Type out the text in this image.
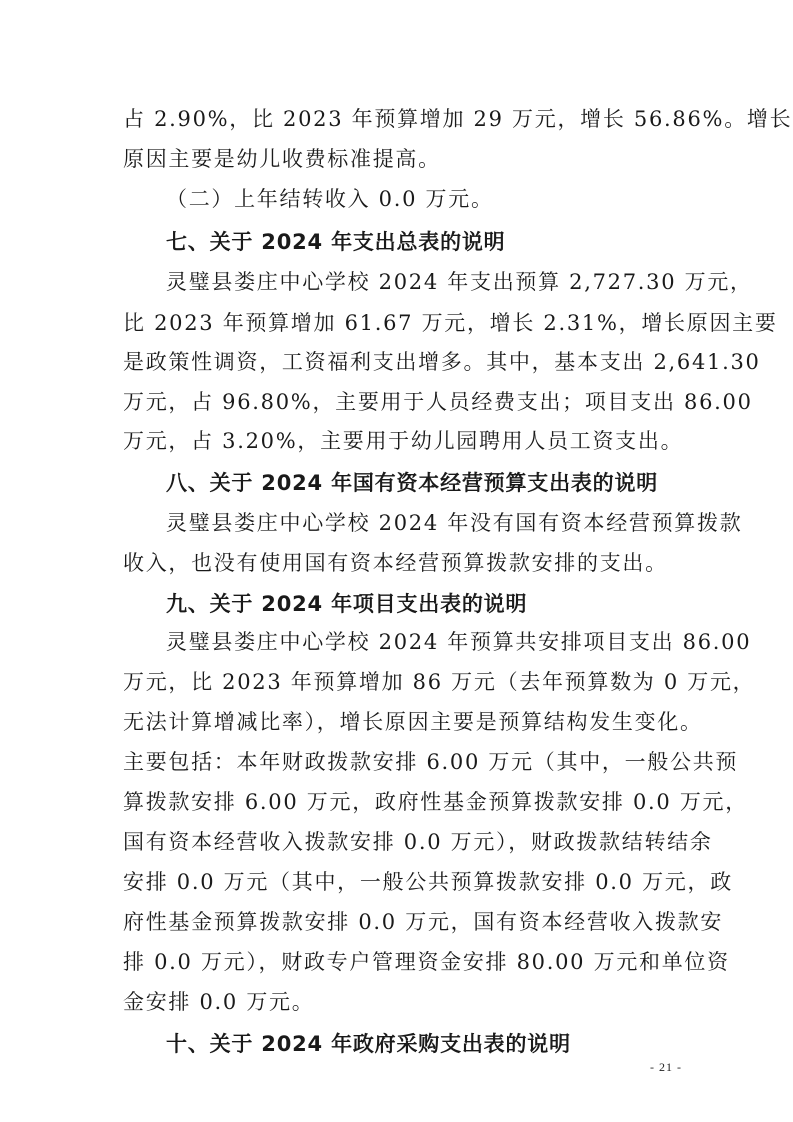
占 2.90%，比 2023 年预算增加 29 万元，增长 56.86%。增长

原因主要是幼儿收费标准提高。

（二）上年结转收入 0.0 万元。

七、关于 2024 年支出总表的说明

灵璧县娄庄中心学校 2024 年支出预算 2,727.30 万元，

比 2023 年预算增加 61.67 万元，增长 2.31%，增长原因主要

是政策性调资，工资福利支出增多。其中，基本支出 2,641.30

万元，占 96.80%，主要用于人员经费支出；项目支出 86.00

万元，占 3.20%，主要用于幼儿园聘用人员工资支出。

八、关于 2024 年国有资本经营预算支出表的说明

灵璧县娄庄中心学校 2024 年没有国有资本经营预算拨款

收入，也没有使用国有资本经营预算拨款安排的支出。

九、关于 2024 年项目支出表的说明

灵璧县娄庄中心学校 2024 年预算共安排项目支出 86.00

万元，比 2023 年预算增加 86 万元（去年预算数为 0 万元，

无法计算增减比率），增长原因主要是预算结构发生变化。

主要包括：本年财政拨款安排 6.00 万元（其中，一般公共预

算拨款安排 6.00 万元，政府性基金预算拨款安排 0.0 万元，

国有资本经营收入拨款安排 0.0 万元），财政拨款结转结余

安排 0.0 万元（其中，一般公共预算拨款安排 0.0 万元，政

府性基金预算拨款安排 0.0 万元，国有资本经营收入拨款安

排 0.0 万元），财政专户管理资金安排 80.00 万元和单位资

金安排 0.0 万元。

十、关于 2024 年政府采购支出表的说明

- 21 -
